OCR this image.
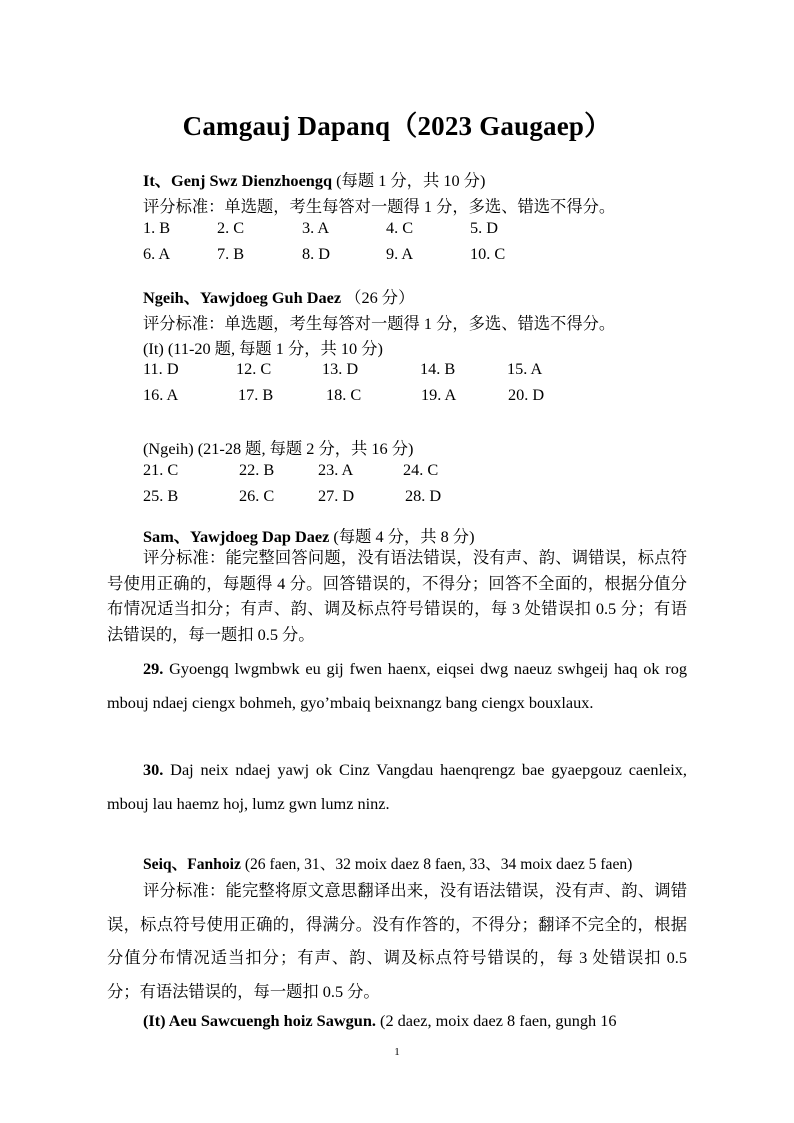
Camgauj Dapanq（2023 Gaugaep）
It、Genj Swz Dienzhoengq (每题 1 分，共 10 分)
评分标准：单选题，考生每答对一题得 1 分，多选、错选不得分。
1. B	2. C	3. A	4. C	5. D
6. A	7. B	8. D	9. A	10. C
Ngeih、Yawjdoeg Guh Daez （26 分）
评分标准：单选题，考生每答对一题得 1 分，多选、错选不得分。
(It) (11-20 题, 每题 1 分，共 10 分)
11. D	12. C	13. D	14. B	15. A
16. A	17. B	18. C	19. A	20. D
(Ngeih) (21-28 题, 每题 2 分，共 16 分)
21. C	22. B	23. A	24. C
25. B	26. C	27. D	28. D
Sam、Yawjdoeg Dap Daez (每题 4 分，共 8 分)
评分标准：能完整回答问题，没有语法错误，没有声、韵、调错误，标点符号使用正确的，每题得 4 分。回答错误的，不得分；回答不全面的，根据分值分布情况适当扣分；有声、韵、调及标点符号错误的，每 3 处错误扣 0.5 分；有语法错误的，每一题扣 0.5 分。
29. Gyoengq lwgmbwk eu gij fwen haenx, eiqsei dwg naeuz swhgeij haq ok rog mbouj ndaej ciengx bohmeh, gyo’mbaiq beixnangz bang ciengx bouxlaux.
30. Daj neix ndaej yawj ok Cinz Vangdau haenqrengz bae gyaepgouz caenleix, mbouj lau haemz hoj, lumz gwn lumz ninz.
Seiq、Fanhoiz (26 faen, 31、32 moix daez 8 faen, 33、34 moix daez 5 faen)
评分标准：能完整将原文意思翻译出来，没有语法错误，没有声、韵、调错误，标点符号使用正确的，得满分。没有作答的，不得分；翻译不完全的，根据分值分布情况适当扣分；有声、韵、调及标点符号错误的，每 3 处错误扣 0.5 分；有语法错误的，每一题扣 0.5 分。
(It) Aeu Sawcuengh hoiz Sawgun. (2 daez, moix daez 8 faen, gungh 16
1
